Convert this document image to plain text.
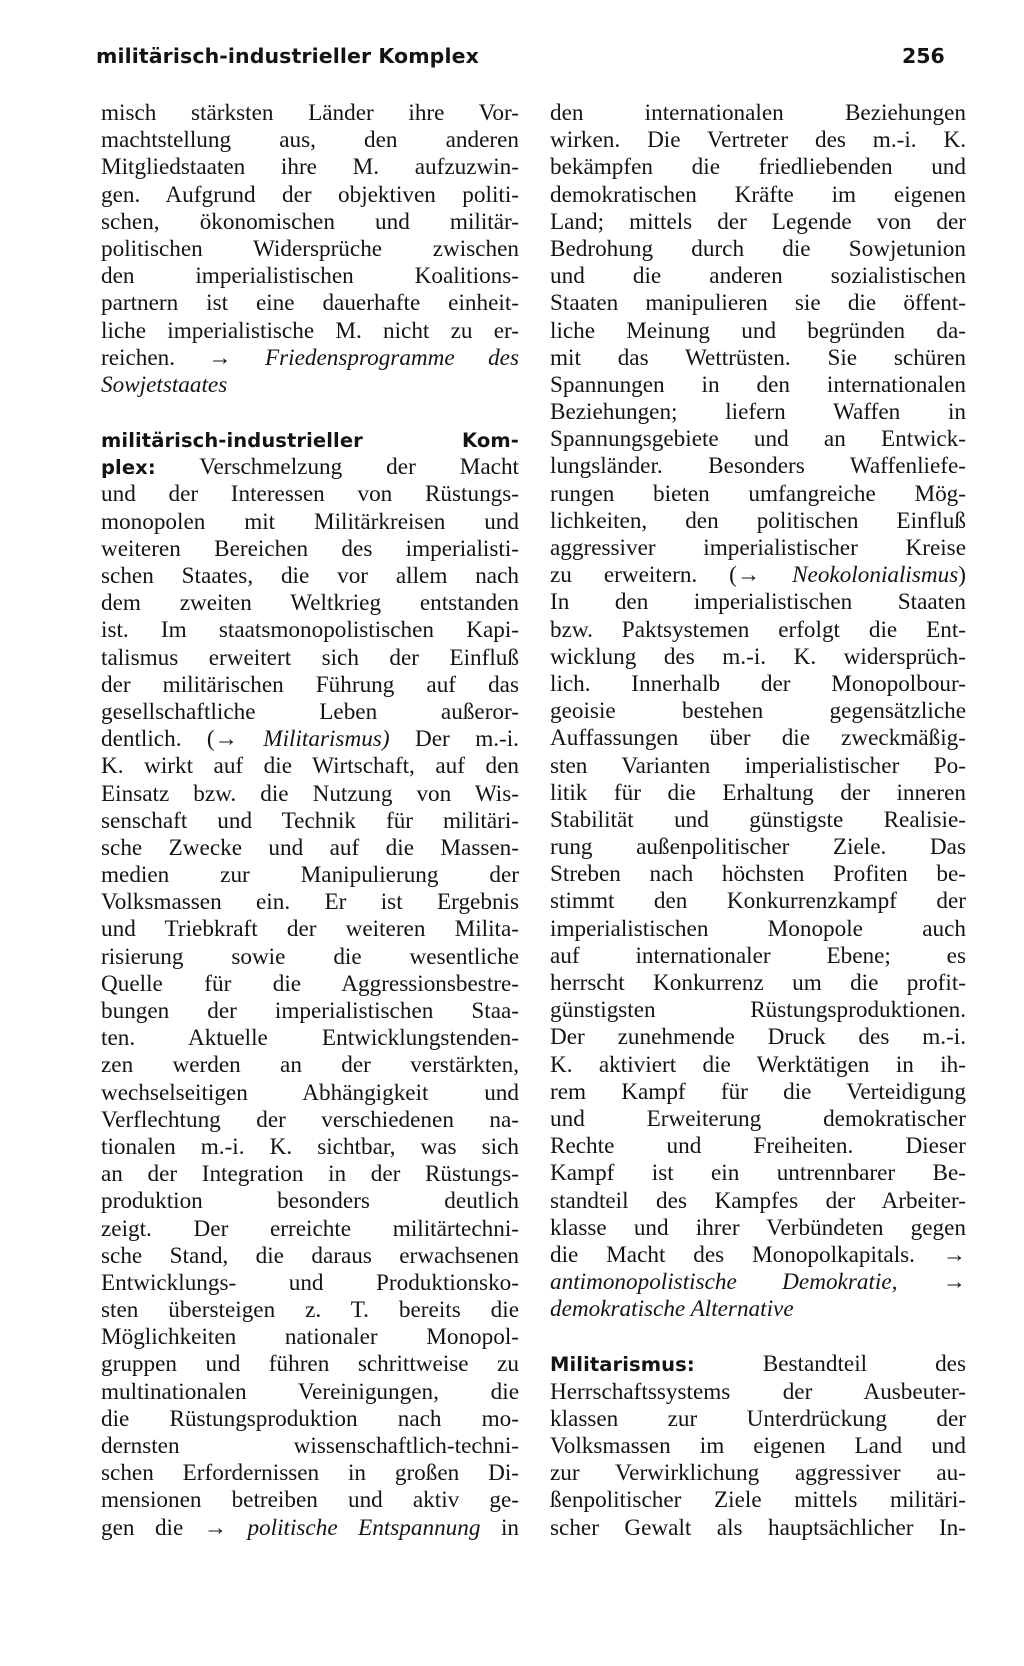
militärisch-industrieller Komplex	256
misch stärksten Länder ihre Vor-
machtstellung aus, den anderen
Mitgliedstaaten ihre M. aufzuzwin-
gen. Aufgrund der objektiven politi-
schen, ökonomischen und militär-
politischen Widersprüche zwischen
den imperialistischen Koalitions-
partnern ist eine dauerhafte einheit-
liche imperialistische M. nicht zu er-
reichen. → Friedensprogramme des
Sowjetstaates
militärisch-industrieller Kom-
plex: Verschmelzung der Macht
und der Interessen von Rüstungs-
monopolen mit Militärkreisen und
weiteren Bereichen des imperialisti-
schen Staates, die vor allem nach
dem zweiten Weltkrieg entstanden
ist. Im staatsmonopolistischen Kapi-
talismus erweitert sich der Einfluß
der militärischen Führung auf das
gesellschaftliche Leben außeror-
dentlich. (→ Militarismus) Der m.-i.
K. wirkt auf die Wirtschaft, auf den
Einsatz bzw. die Nutzung von Wis-
senschaft und Technik für militäri-
sche Zwecke und auf die Massen-
medien zur Manipulierung der
Volksmassen ein. Er ist Ergebnis
und Triebkraft der weiteren Milita-
risierung sowie die wesentliche
Quelle für die Aggressionsbestre-
bungen der imperialistischen Staa-
ten. Aktuelle Entwicklungstenden-
zen werden an der verstärkten,
wechselseitigen Abhängigkeit und
Verflechtung der verschiedenen na-
tionalen m.-i. K. sichtbar, was sich
an der Integration in der Rüstungs-
produktion besonders deutlich
zeigt. Der erreichte militärtechni-
sche Stand, die daraus erwachsenen
Entwicklungs- und Produktionsko-
sten übersteigen z. T. bereits die
Möglichkeiten nationaler Monopol-
gruppen und führen schrittweise zu
multinationalen Vereinigungen, die
die Rüstungsproduktion nach mo-
dernsten wissenschaftlich-techni-
schen Erfordernissen in großen Di-
mensionen betreiben und aktiv ge-
gen die → politische Entspannung in
den internationalen Beziehungen
wirken. Die Vertreter des m.-i. K.
bekämpfen die friedliebenden und
demokratischen Kräfte im eigenen
Land; mittels der Legende von der
Bedrohung durch die Sowjetunion
und die anderen sozialistischen
Staaten manipulieren sie die öffent-
liche Meinung und begründen da-
mit das Wettrüsten. Sie schüren
Spannungen in den internationalen
Beziehungen; liefern Waffen in
Spannungsgebiete und an Entwick-
lungsländer. Besonders Waffenliefe-
rungen bieten umfangreiche Mög-
lichkeiten, den politischen Einfluß
aggressiver imperialistischer Kreise
zu erweitern. (→ Neokolonialismus)
In den imperialistischen Staaten
bzw. Paktsystemen erfolgt die Ent-
wicklung des m.-i. K. widersprüch-
lich. Innerhalb der Monopolbour-
geoisie bestehen gegensätzliche
Auffassungen über die zweckmäßig-
sten Varianten imperialistischer Po-
litik für die Erhaltung der inneren
Stabilität und günstigste Realisie-
rung außenpolitischer Ziele. Das
Streben nach höchsten Profiten be-
stimmt den Konkurrenzkampf der
imperialistischen Monopole auch
auf internationaler Ebene; es
herrscht Konkurrenz um die profit-
günstigsten Rüstungsproduktionen.
Der zunehmende Druck des m.-i.
K. aktiviert die Werktätigen in ih-
rem Kampf für die Verteidigung
und Erweiterung demokratischer
Rechte und Freiheiten. Dieser
Kampf ist ein untrennbarer Be-
standteil des Kampfes der Arbeiter-
klasse und ihrer Verbündeten gegen
die Macht des Monopolkapitals. →
antimonopolistische Demokratie, →
demokratische Alternative
Militarismus: Bestandteil des
Herrschaftssystems der Ausbeuter-
klassen zur Unterdrückung der
Volksmassen im eigenen Land und
zur Verwirklichung aggressiver au-
ßenpolitischer Ziele mittels militäri-
scher Gewalt als hauptsächlicher In-
